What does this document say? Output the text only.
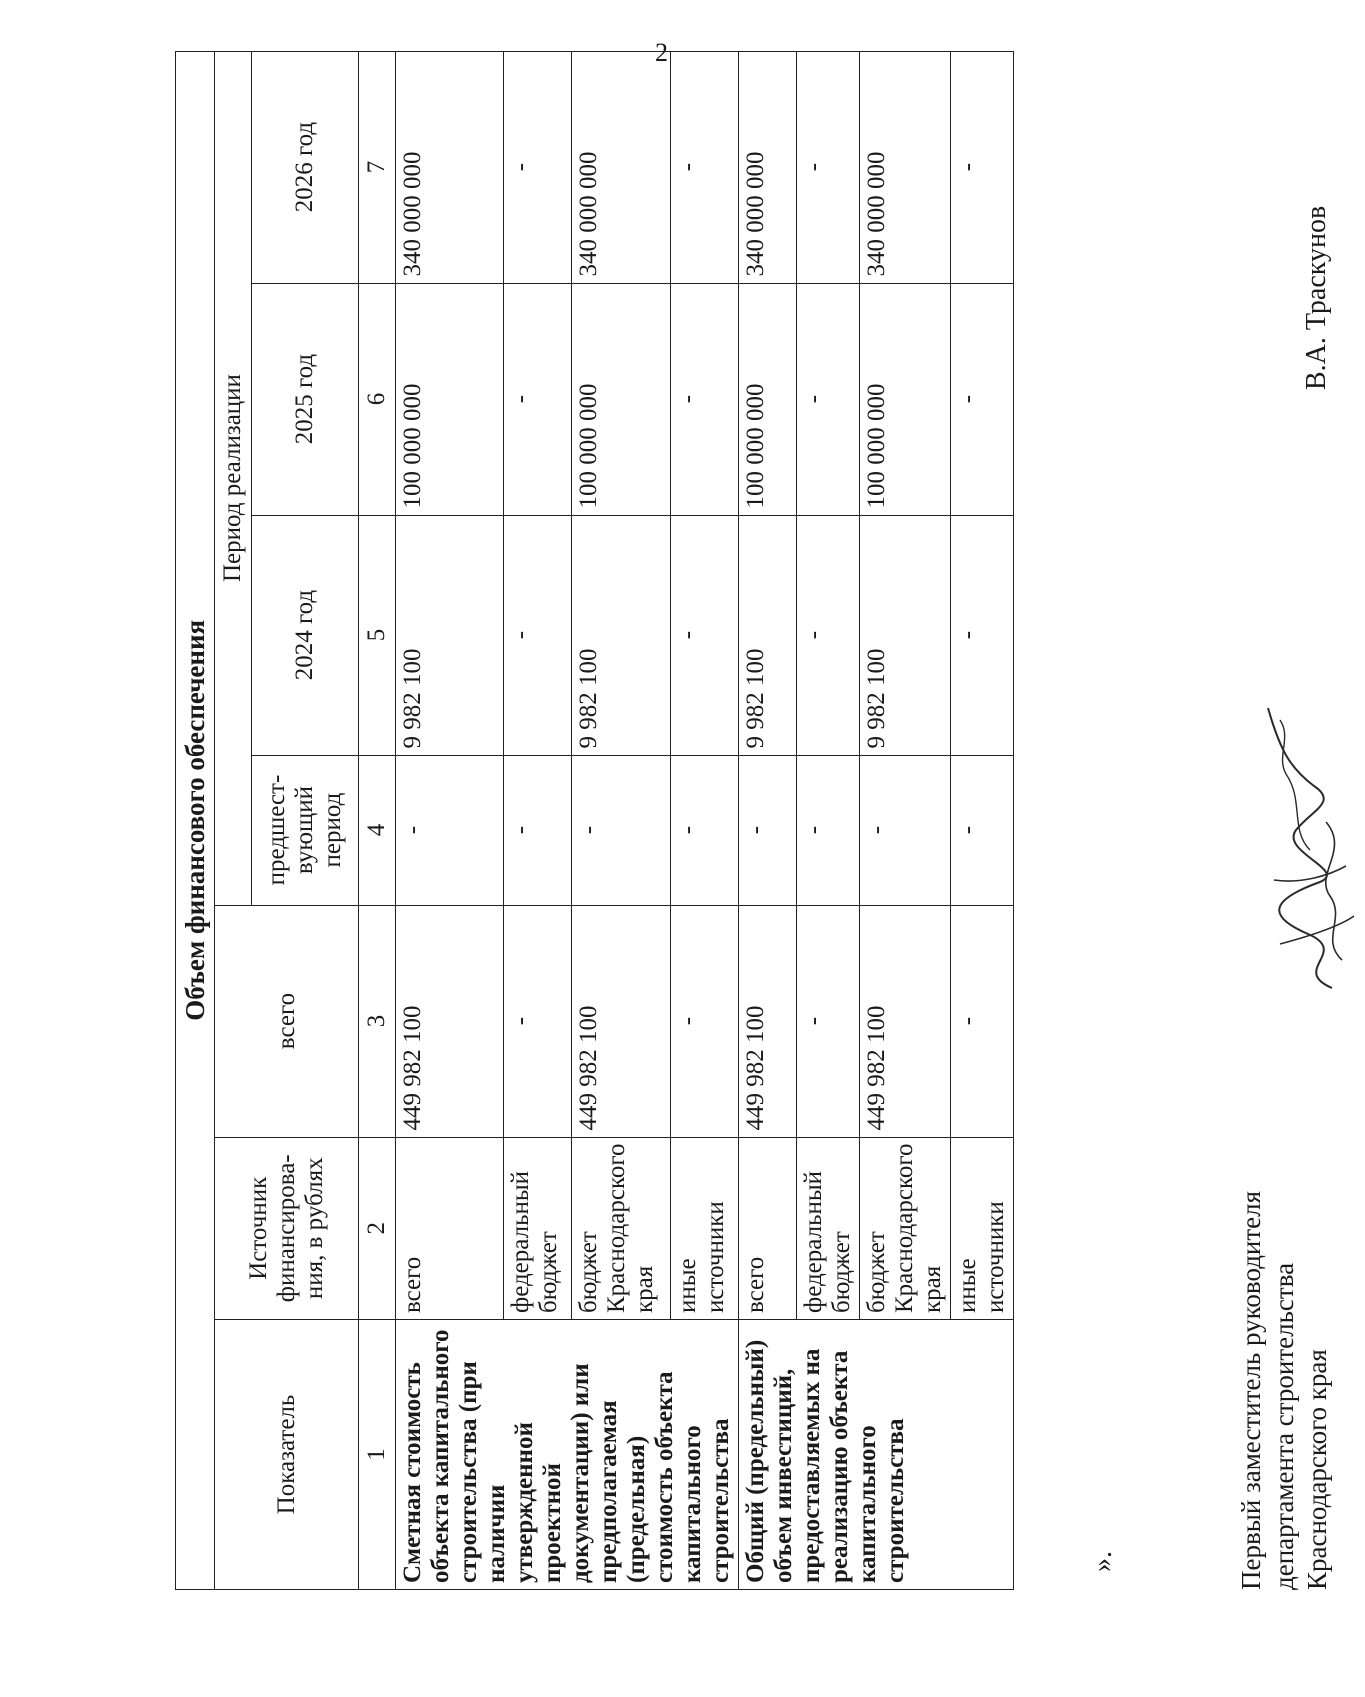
2
Объем финансового обеспечения						
Показатель	Источник финансирова-ния, в рублях	всего	Период реализации			
			предшест-вующий период	2024 год	2025 год	2026 год
1	2	3	4	5	6	7
Сметная стоимость объекта капитального строительства (при наличии утвержденной проектной документации) или предполагаемая (предельная) стоимость объекта капитального строительства	всего	449 982 100	-	9 982 100	100 000 000	340 000 000
	федеральный бюджет	-	-	-	-	-
	бюджет Краснодарского края	449 982 100	-	9 982 100	100 000 000	340 000 000
	иные источники	-	-	-	-	-
Общий (предельный) объем инвестиций, предоставляемых на реализацию объекта капитального строительства	всего	449 982 100	-	9 982 100	100 000 000	340 000 000
	федеральный бюджет	-	-	-	-	-
	бюджет Краснодарского края	449 982 100	-	9 982 100	100 000 000	340 000 000
	иные источники	-	-	-	-	-
».	Первый заместитель руководителя департамента строительства Краснодарского края
В.А. Траскунов
